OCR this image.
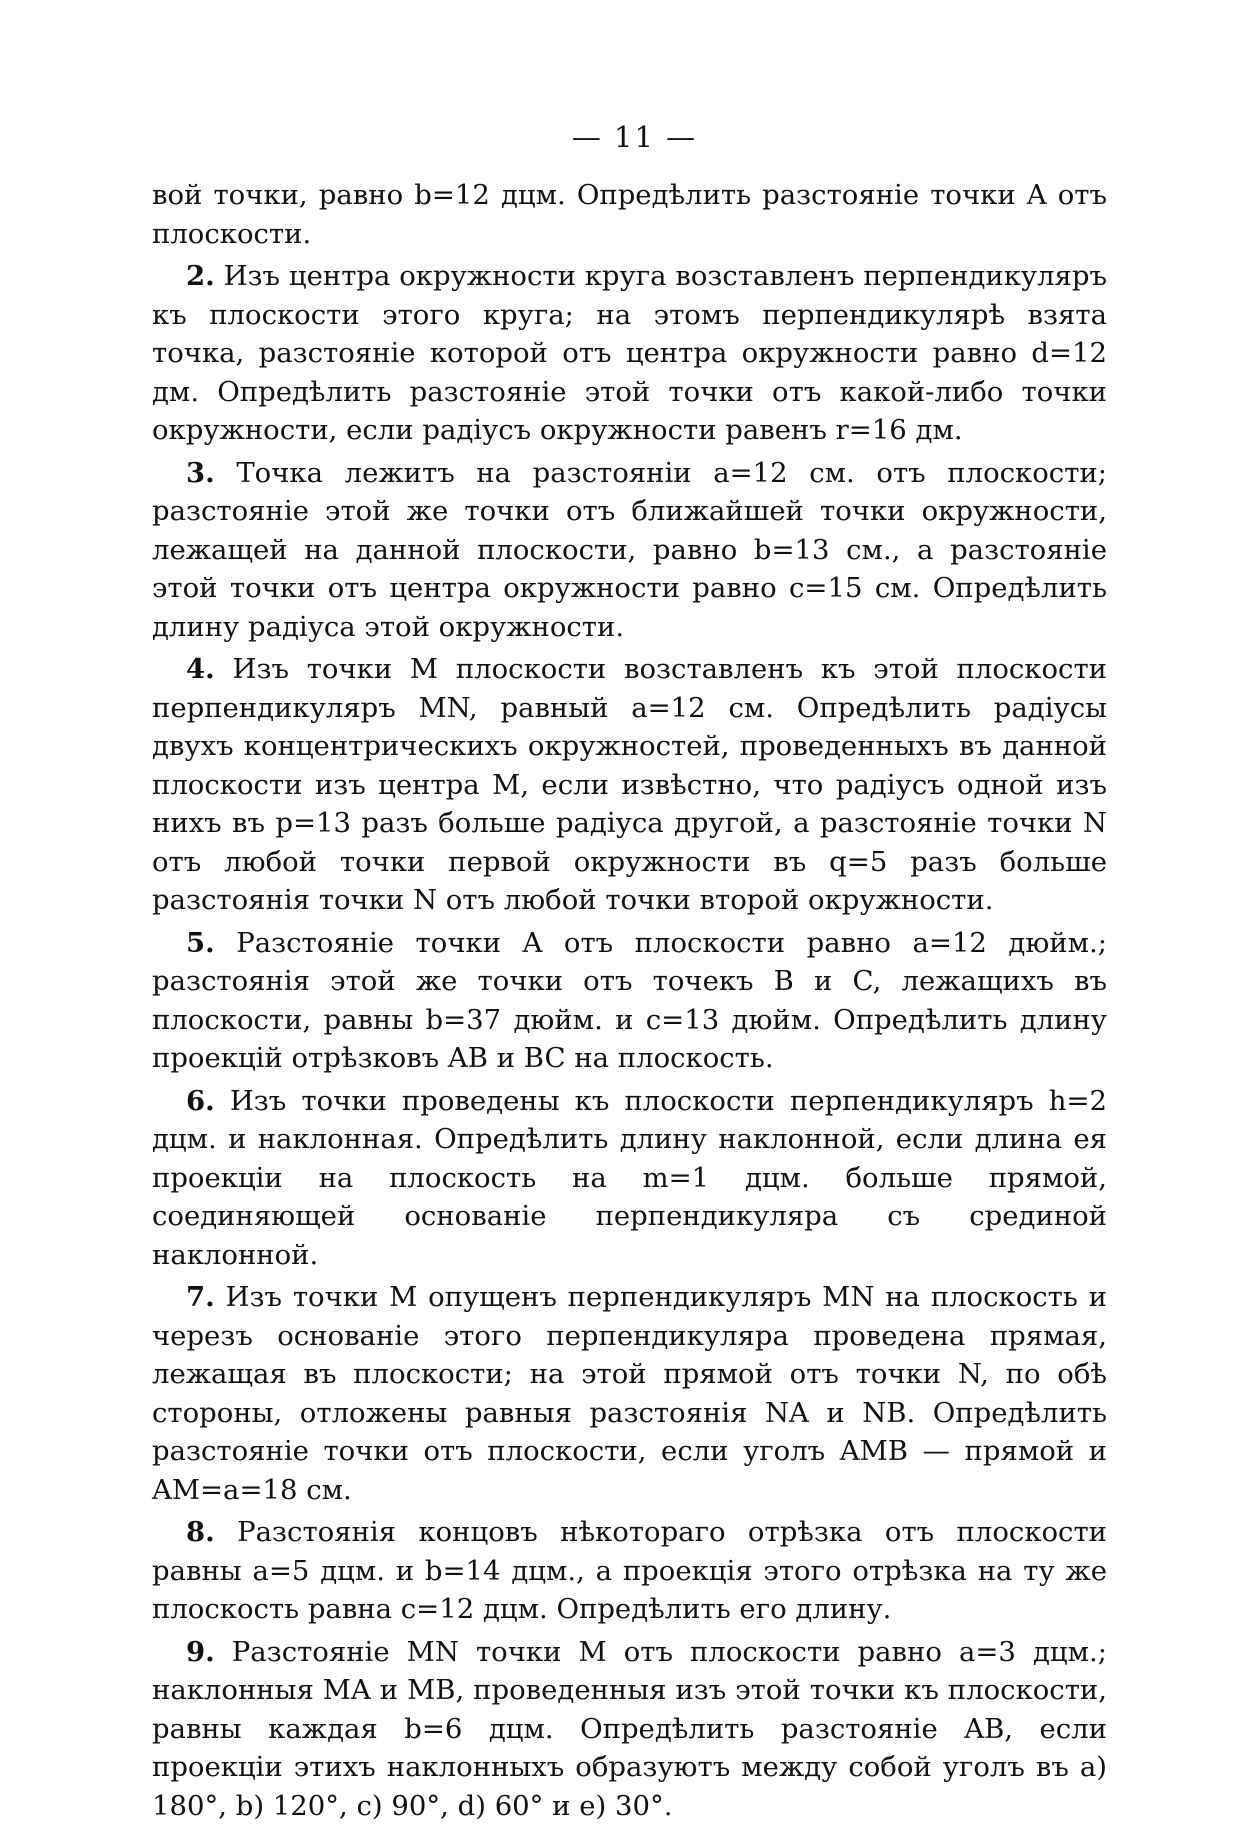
— 11 —

вой точки, равно b=12 дцм. Опредѣлить разстояніе точки A отъ плоскости.

2. Изъ центра окружности круга возставленъ перпендикуляръ къ плоскости этого круга; на этомъ перпендикулярѣ взята точка, разстояніе которой отъ центра окружности равно d=12 дм. Опредѣлить разстояніе этой точки отъ какой-либо точки окружности, если радіусъ окружности равенъ r=16 дм.

3. Точка лежитъ на разстояніи a=12 см. отъ плоскости; разстояніе этой же точки отъ ближайшей точки окружности, лежащей на данной плоскости, равно b=13 см., а разстояніе этой точки отъ центра окружности равно c=15 см. Опредѣлить длину радіуса этой окружности.

4. Изъ точки M плоскости возставленъ къ этой плоскости перпендикуляръ MN, равный a=12 см. Опредѣлить радіусы двухъ концентрическихъ окружностей, проведенныхъ въ данной плоскости изъ центра M, если извѣстно, что радіусъ одной изъ нихъ въ p=13 разъ больше радіуса другой, а разстояніе точки N отъ любой точки первой окружности въ q=5 разъ больше разстоянія точки N отъ любой точки второй окружности.

5. Разстояніе точки A отъ плоскости равно a=12 дюйм.; разстоянія этой же точки отъ точекъ B и C, лежащихъ въ плоскости, равны b=37 дюйм. и c=13 дюйм. Опредѣлить длину проекцій отрѣзковъ AB и BC на плоскость.

6. Изъ точки проведены къ плоскости перпендикуляръ h=2 дцм. и наклонная. Опредѣлить длину наклонной, если длина ея проекціи на плоскость на m=1 дцм. больше прямой, соединяющей основаніе перпендикуляра съ срединой наклонной.

7. Изъ точки M опущенъ перпендикуляръ MN на плоскость и черезъ основаніе этого перпендикуляра проведена прямая, лежащая въ плоскости; на этой прямой отъ точки N, по обѣ стороны, отложены равныя разстоянія NA и NB. Опредѣлить разстояніе точки отъ плоскости, если уголъ AMB — прямой и AM=a=18 см.

8. Разстоянія концовъ нѣкотораго отрѣзка отъ плоскости равны a=5 дцм. и b=14 дцм., а проекція этого отрѣзка на ту же плоскость равна c=12 дцм. Опредѣлить его длину.

9. Разстояніе MN точки M отъ плоскости равно a=3 дцм.; наклонныя MA и MB, проведенныя изъ этой точки къ плоскости, равны каждая b=6 дцм. Опредѣлить разстояніе AB, если проекціи этихъ наклонныхъ образуютъ между собой уголъ въ a) 180°, b) 120°, c) 90°, d) 60° и e) 30°.
